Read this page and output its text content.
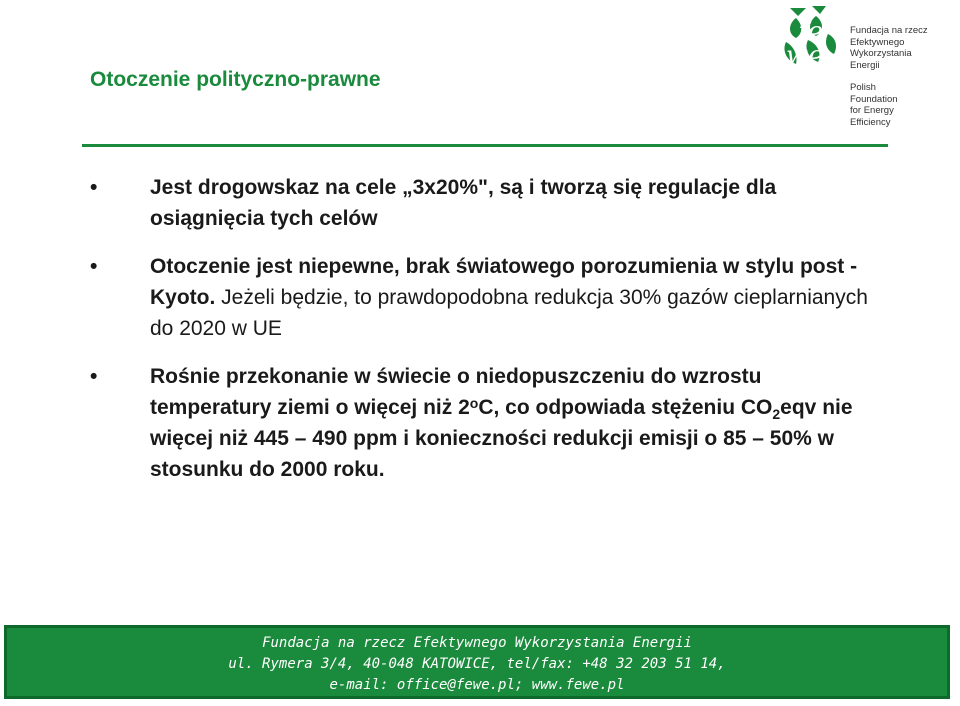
Otoczenie polityczno-prawne
fe
we
Fundacja na rzecz
Efektywnego
Wykorzystania
Energii
Polish
Foundation
for Energy
Efficiency
•	Jest drogowskaz na cele „3x20%", są i tworzą się regulacje dla osiągnięcia tych celów
•	Otoczenie jest niepewne, brak światowego porozumienia w stylu post - Kyoto. Jeżeli będzie, to prawdopodobna redukcja 30% gazów cieplarnianych do 2020 w UE
•	Rośnie przekonanie w świecie o niedopuszczeniu do wzrostu temperatury ziemi o więcej niż 2$^o$C, co odpowiada stężeniu $CO_2eqv$ nie więcej niż 445 – 490 ppm i konieczności redukcji emisji o 85 – 50% w stosunku do 2000 roku.
Fundacja na rzecz Efektywnego Wykorzystania Energii
ul. Rymera 3/4, 40-048 KATOWICE, tel/fax: +48 32 203 51 14,
e-mail: office@fewe.pl; www.fewe.pl
